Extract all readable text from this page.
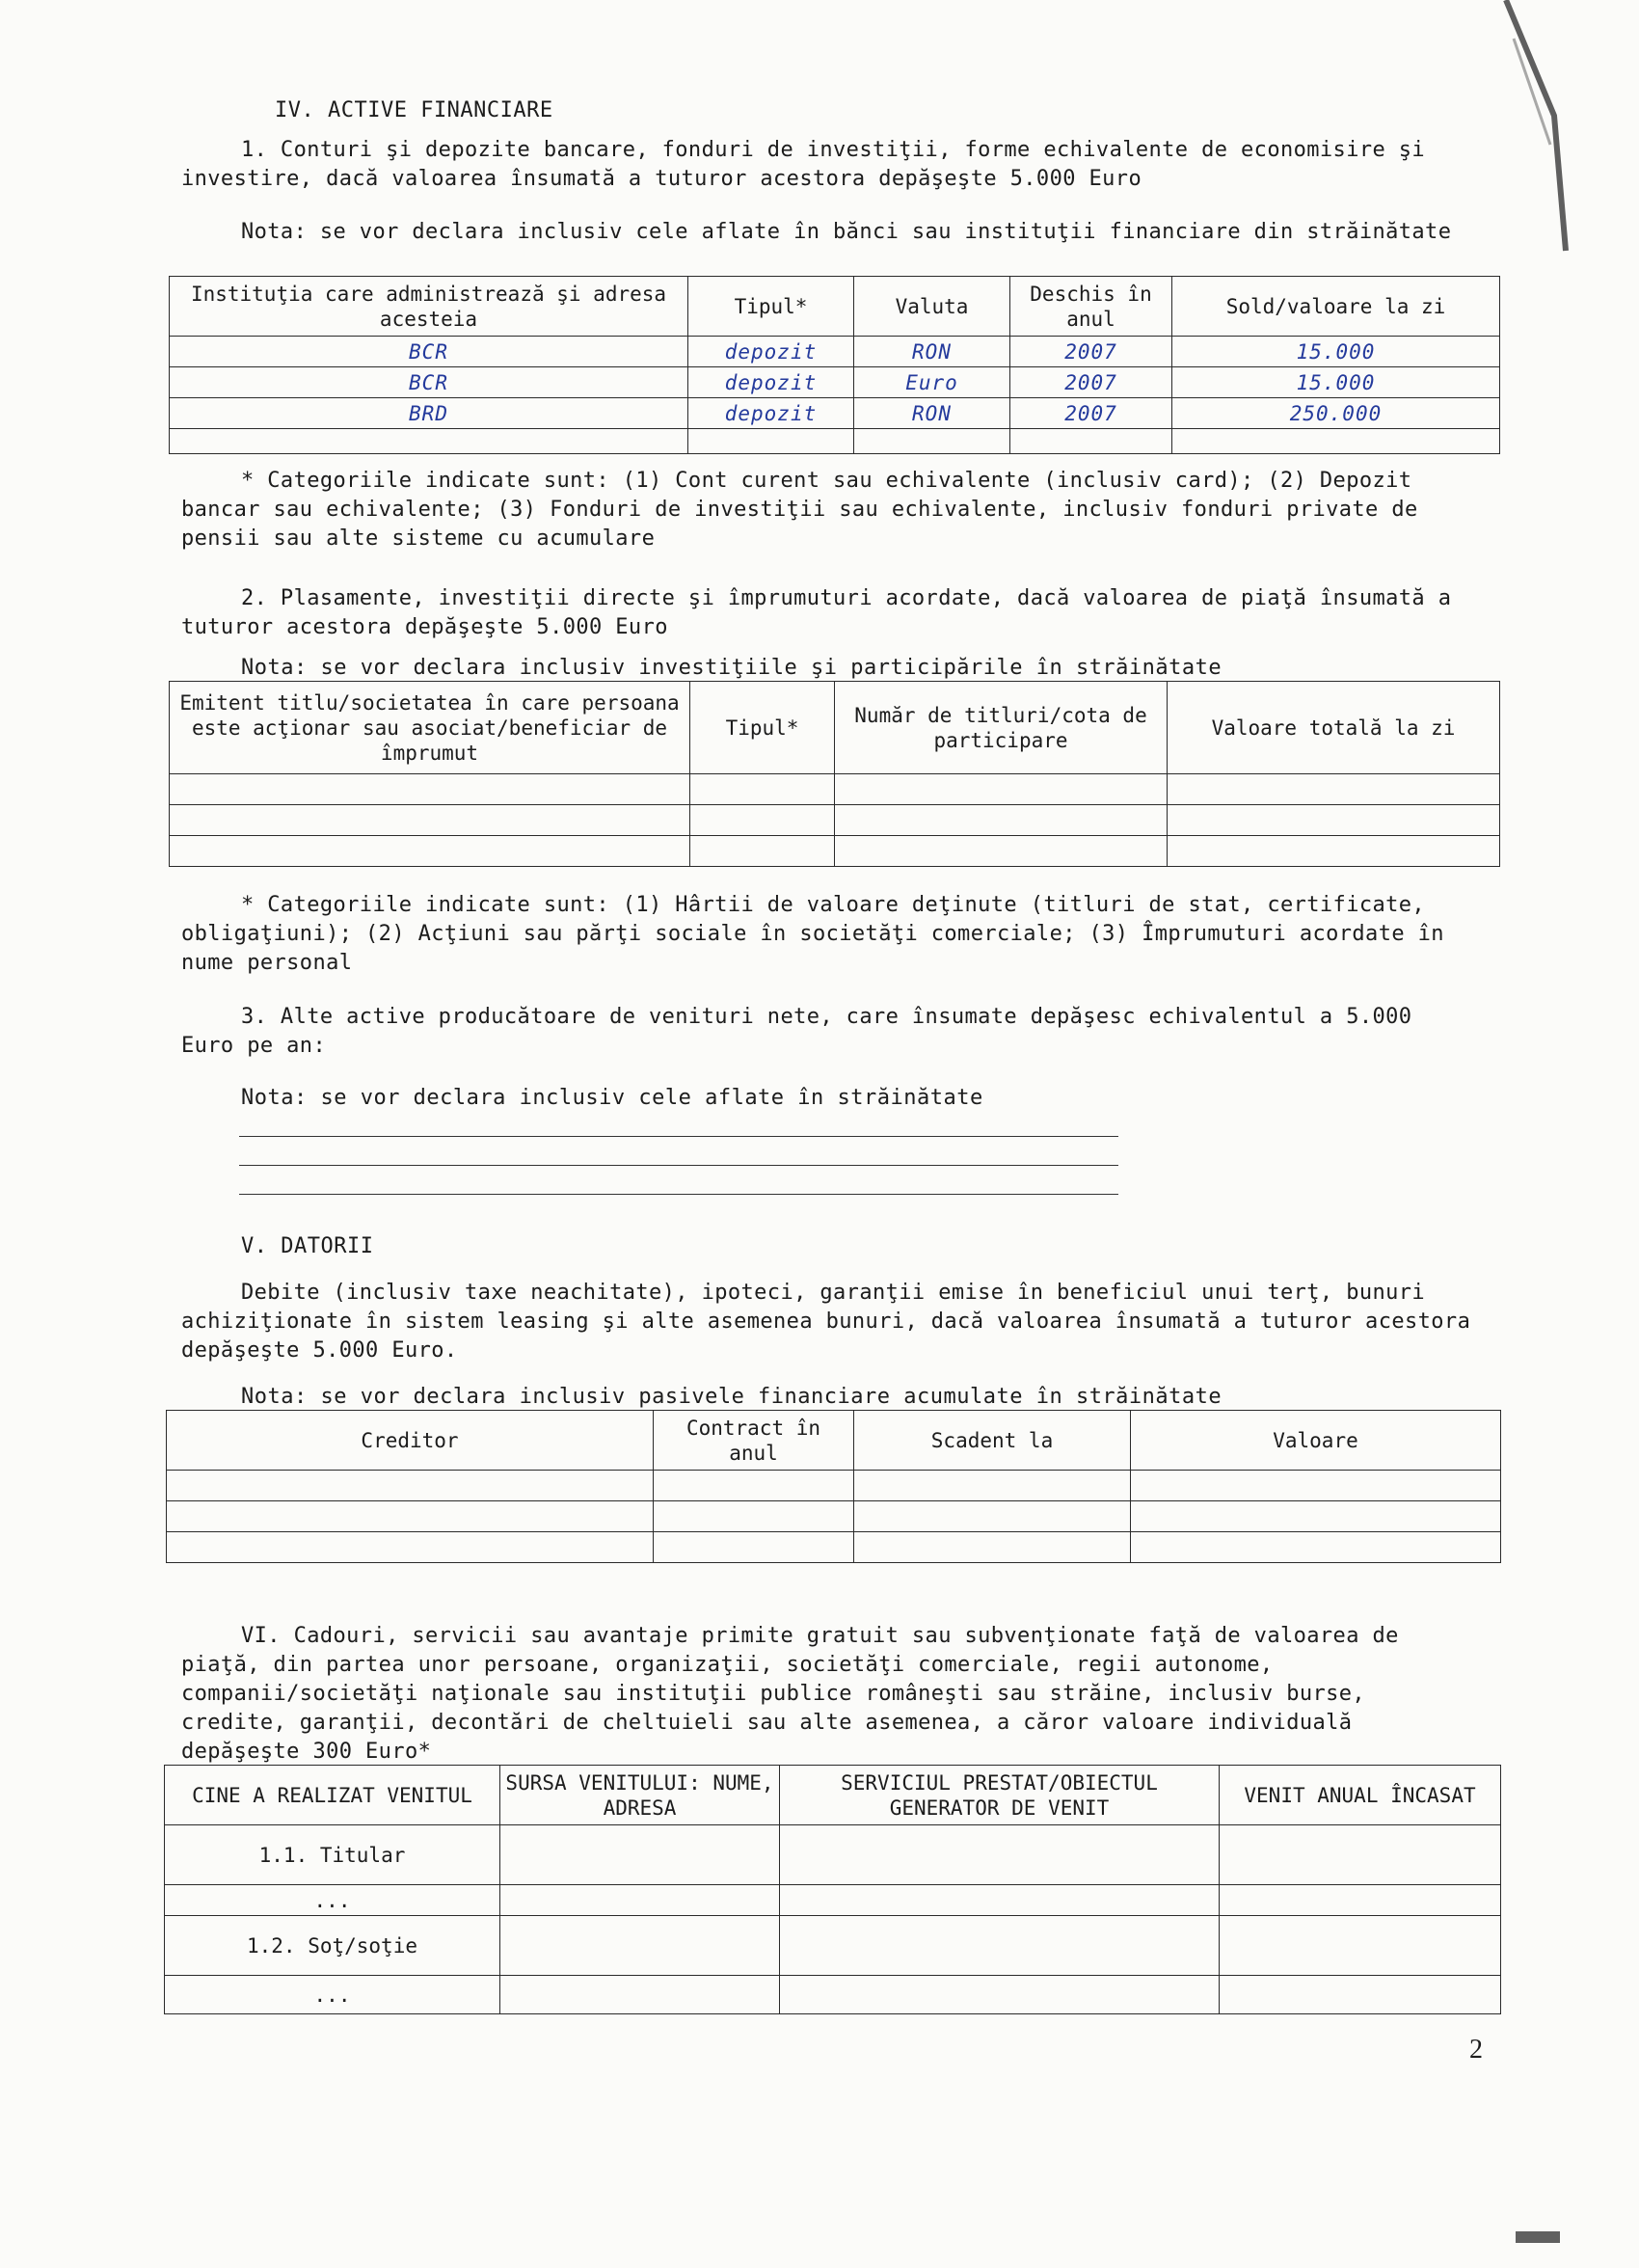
IV. ACTIVE FINANCIARE
1. Conturi şi depozite bancare, fonduri de investiţii, forme echivalente de economisire şi investire, dacă valoarea însumată a tuturor acestora depăşeşte 5.000 Euro
Nota: se vor declara inclusiv cele aflate în bănci sau instituţii financiare din străinătate
Instituţia care administrează şi adresa acesteia	Tipul*	Valuta	Deschis în anul	Sold/valoare la zi
BCR	depozit	RON	2007	15.000
BCR	depozit	Euro	2007	15.000
BRD	depozit	RON	2007	250.000

* Categoriile indicate sunt: (1) Cont curent sau echivalente (inclusiv card); (2) Depozit bancar sau echivalente; (3) Fonduri de investiţii sau echivalente, inclusiv fonduri private de pensii sau alte sisteme cu acumulare
2. Plasamente, investiţii directe şi împrumuturi acordate, dacă valoarea de piaţă însumată a tuturor acestora depăşeşte 5.000 Euro
Nota: se vor declara inclusiv investiţiile şi participările în străinătate
Emitent titlu/societatea în care persoana este acţionar sau asociat/beneficiar de împrumut	Tipul*	Număr de titluri/cota de participare	Valoare totală la zi

* Categoriile indicate sunt: (1) Hârtii de valoare deţinute (titluri de stat, certificate, obligaţiuni); (2) Acţiuni sau părţi sociale în societăţi comerciale; (3) Împrumuturi acordate în nume personal
3. Alte active producătoare de venituri nete, care însumate depăşesc echivalentul a 5.000 Euro pe an:
Nota: se vor declara inclusiv cele aflate în străinătate
V. DATORII
Debite (inclusiv taxe neachitate), ipoteci, garanţii emise în beneficiul unui terţ, bunuri achiziţionate în sistem leasing şi alte asemenea bunuri, dacă valoarea însumată a tuturor acestora depăşeşte 5.000 Euro.
Nota: se vor declara inclusiv pasivele financiare acumulate în străinătate
Creditor	Contract în anul	Scadent la	Valoare

VI. Cadouri, servicii sau avantaje primite gratuit sau subvenţionate faţă de valoarea de piaţă, din partea unor persoane, organizaţii, societăţi comerciale, regii autonome, companii/societăţi naţionale sau instituţii publice româneşti sau străine, inclusiv burse, credite, garanţii, decontări de cheltuieli sau alte asemenea, a căror valoare individuală depăşeşte 300 Euro*
CINE A REALIZAT VENITUL	SURSA VENITULUI: NUME, ADRESA	SERVICIUL PRESTAT/OBIECTUL GENERATOR DE VENIT	VENIT ANUAL ÎNCASAT
1.1. Titular			
...			
1.2. Soţ/soţie			
...			
2
